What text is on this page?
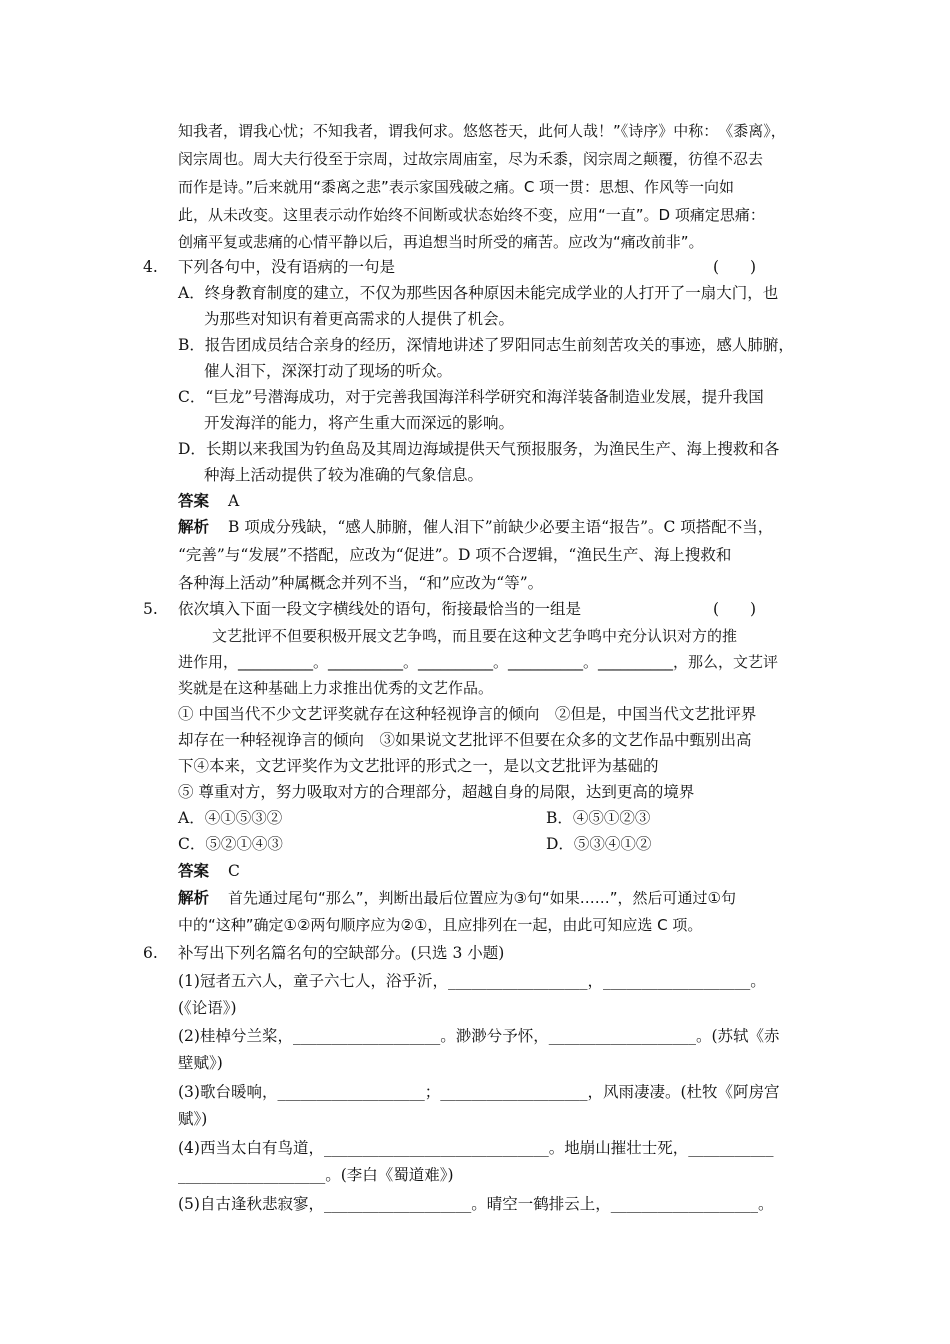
知我者，谓我心忧；不知我者，谓我何求。悠悠苍天，此何人哉！”《诗序》中称：　《黍离》，
闵宗周也。周大夫行役至于宗周，过故宗周庙室，尽为禾黍，闵宗周之颠覆，彷徨不忍去
而作是诗。”后来就用“黍离之悲”表示家国残破之痛。C 项一贯：思想、作风等一向如
此，从未改变。这里表示动作始终不间断或状态始终不变，应用“一直”。D 项痛定思痛：
创痛平复或悲痛的心情平静以后，再追想当时所受的痛苦。应改为“痛改前非”。
4. 下列各句中，没有语病的一句是	(　　)
A．终身教育制度的建立，不仅为那些因各种原因未能完成学业的人打开了一扇大门，也
为那些对知识有着更高需求的人提供了机会。
B．报告团成员结合亲身的经历，深情地讲述了罗阳同志生前刻苦攻关的事迹，感人肺腑，
催人泪下，深深打动了现场的听众。
C．“巨龙”号潜海成功，对于完善我国海洋科学研究和海洋装备制造业发展，提升我国
开发海洋的能力，将产生重大而深远的影响。
D．长期以来我国为钓鱼岛及其周边海域提供天气预报服务，为渔民生产、海上搜救和各
种海上活动提供了较为准确的气象信息。
答案 A
解析 B 项成分残缺，“感人肺腑，催人泪下”前缺少必要主语“报告”。C 项搭配不当，
“完善”与“发展”不搭配，应改为“促进”。D 项不合逻辑，“渔民生产、海上搜救和
各种海上活动”种属概念并列不当，“和”应改为“等”。
5. 依次填入下面一段文字横线处的语句，衔接最恰当的一组是	(　　)
文艺批评不但要积极开展文艺争鸣，而且要在这种文艺争鸣中充分认识对方的推
进作用，__________。__________。__________。__________。__________，那么，文艺评
奖就是在这种基础上力求推出优秀的文艺作品。
① 中国当代不少文艺评奖就存在这种轻视诤言的倾向　②但是，中国当代文艺批评界
却存在一种轻视诤言的倾向　③如果说文艺批评不但要在众多的文艺作品中甄别出高
下④本来，文艺评奖作为文艺批评的形式之一，是以文艺批评为基础的
⑤ 尊重对方，努力吸取对方的合理部分，超越自身的局限，达到更高的境界
A．④①⑤③②	B．④⑤①②③
C．⑤②①④③	D．⑤③④①②
答案 C
解析 首先通过尾句“那么”，判断出最后位置应为③句“如果……”，然后可通过①句
中的“这种”确定①②两句顺序应为②①，且应排列在一起，由此可知应选 C 项。
6. 补写出下列名篇名句的空缺部分。(只选 3 小题)
(1)冠者五六人，童子六七人，浴乎沂，__________________，___________________。
(《论语》)
(2)桂棹兮兰桨，___________________。渺渺兮予怀，___________________。(苏轼《赤
壁赋》)
(3)歌台暖响，___________________；___________________，风雨凄凄。(杜牧《阿房宫
赋》)
(4)西当太白有鸟道，_____________________________。地崩山摧壮士死，___________
___________________。(李白《蜀道难》)
(5)自古逢秋悲寂寥，___________________。晴空一鹤排云上，___________________。
